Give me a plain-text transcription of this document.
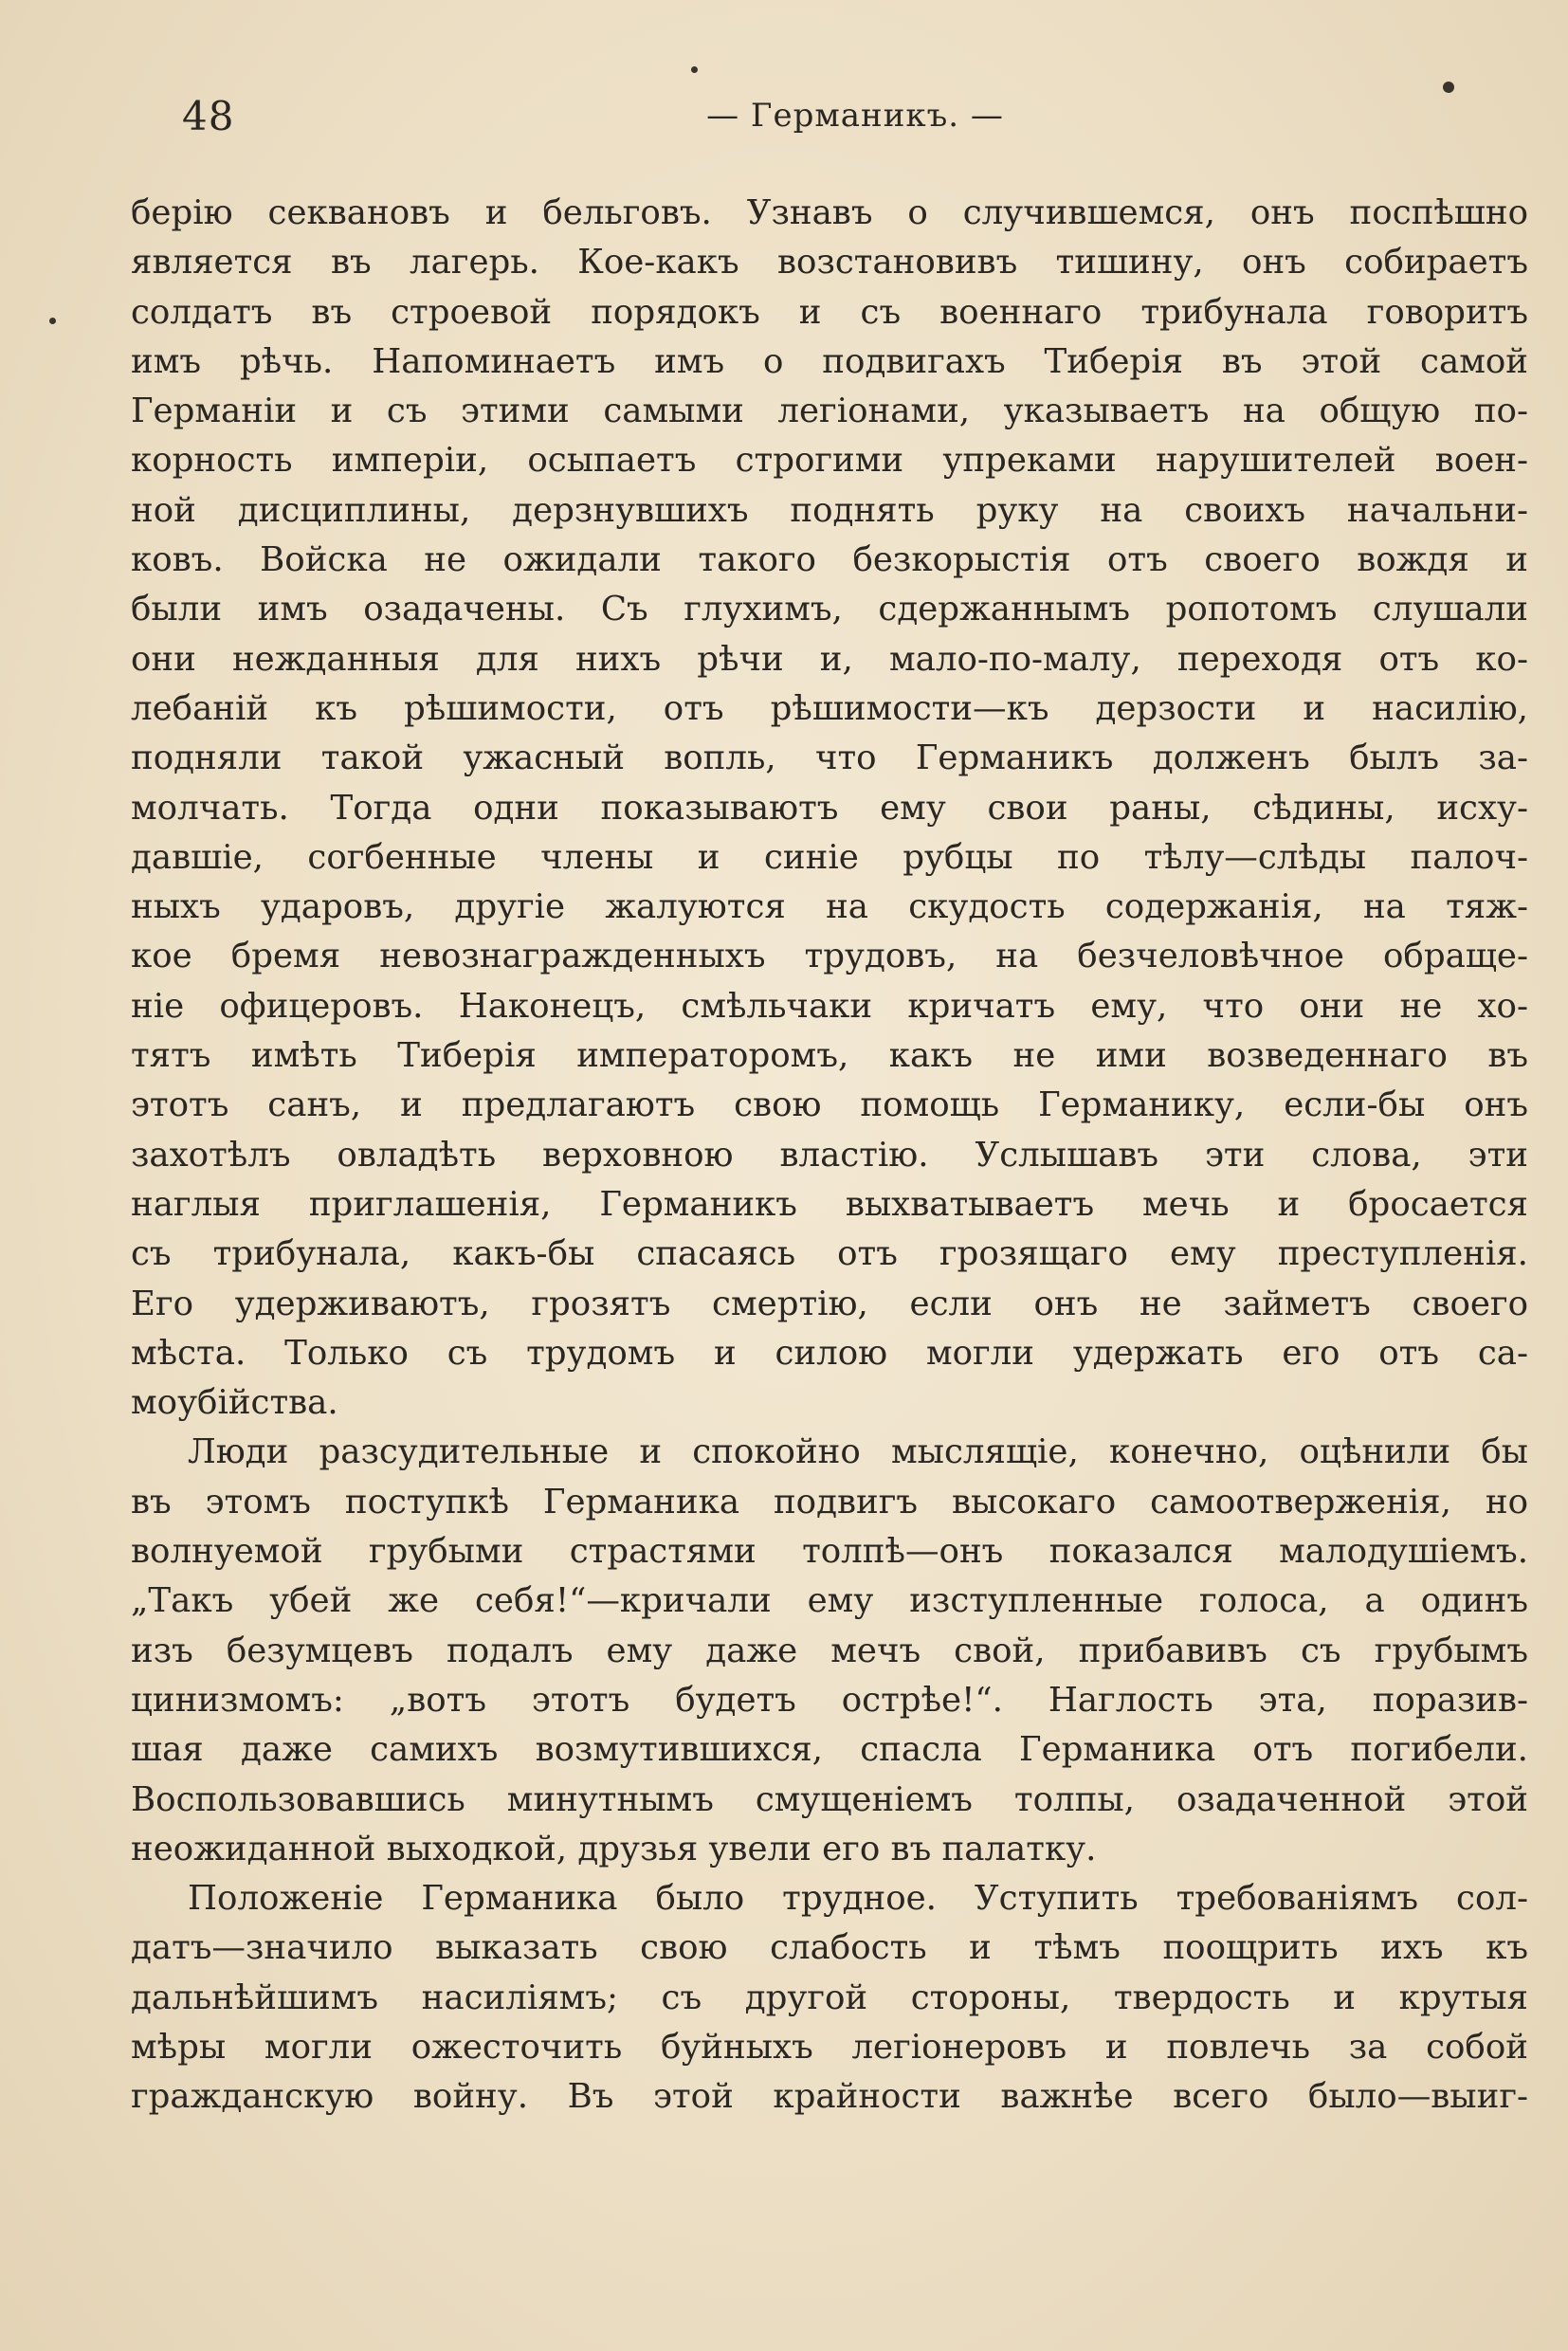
48	— Германикъ. —
берію секвановъ и бельговъ. Узнавъ о случившемся, онъ поспѣшно
является въ лагерь. Кое-какъ возстановивъ тишину, онъ собираетъ
солдатъ въ строевой порядокъ и съ военнаго трибунала говоритъ
имъ рѣчь. Напоминаетъ имъ о подвигахъ Тиберія въ этой самой
Германіи и съ этими самыми легіонами, указываетъ на общую по-
корность имперіи, осыпаетъ строгими упреками нарушителей воен-
ной дисциплины, дерзнувшихъ поднять руку на своихъ начальни-
ковъ. Войска не ожидали такого безкорыстія отъ своего вождя и
были имъ озадачены. Съ глухимъ, сдержаннымъ ропотомъ слушали
они нежданныя для нихъ рѣчи и, мало-по-малу, переходя отъ ко-
лебаній къ рѣшимости, отъ рѣшимости—къ дерзости и насилію,
подняли такой ужасный вопль, что Германикъ долженъ былъ за-
молчать. Тогда одни показываютъ ему свои раны, сѣдины, исху-
давшіе, согбенные члены и синіе рубцы по тѣлу—слѣды палоч-
ныхъ ударовъ, другіе жалуются на скудость содержанія, на тяж-
кое бремя невознагражденныхъ трудовъ, на безчеловѣчное обраще-
ніе офицеровъ. Наконецъ, смѣльчаки кричатъ ему, что они не хо-
тятъ имѣть Тиберія императоромъ, какъ не ими возведеннаго въ
этотъ санъ, и предлагаютъ свою помощь Германику, если-бы онъ
захотѣлъ овладѣть верховною властію. Услышавъ эти слова, эти
наглыя приглашенія, Германикъ выхватываетъ мечь и бросается
съ трибунала, какъ-бы спасаясь отъ грозящаго ему преступленія.
Его удерживаютъ, грозятъ смертію, если онъ не займетъ своего
мѣста. Только съ трудомъ и силою могли удержать его отъ са-
моубійства.
Люди разсудительные и спокойно мыслящіе, конечно, оцѣнили бы
въ этомъ поступкѣ Германика подвигъ высокаго самоотверженія, но
волнуемой грубыми страстями толпѣ—онъ показался малодушіемъ.
„Такъ убей же себя!“—кричали ему изступленные голоса, а одинъ
изъ безумцевъ подалъ ему даже мечъ свой, прибавивъ съ грубымъ
цинизмомъ: „вотъ этотъ будетъ острѣе!“. Наглость эта, поразив-
шая даже самихъ возмутившихся, спасла Германика отъ погибели.
Воспользовавшись минутнымъ смущеніемъ толпы, озадаченной этой
неожиданной выходкой, друзья увели его въ палатку.
Положеніе Германика было трудное. Уступить требованіямъ сол-
датъ—значило выказать свою слабость и тѣмъ поощрить ихъ къ
дальнѣйшимъ насиліямъ; съ другой стороны, твердость и крутыя
мѣры могли ожесточить буйныхъ легіонеровъ и повлечь за собой
гражданскую войну. Въ этой крайности важнѣе всего было—выиг-
